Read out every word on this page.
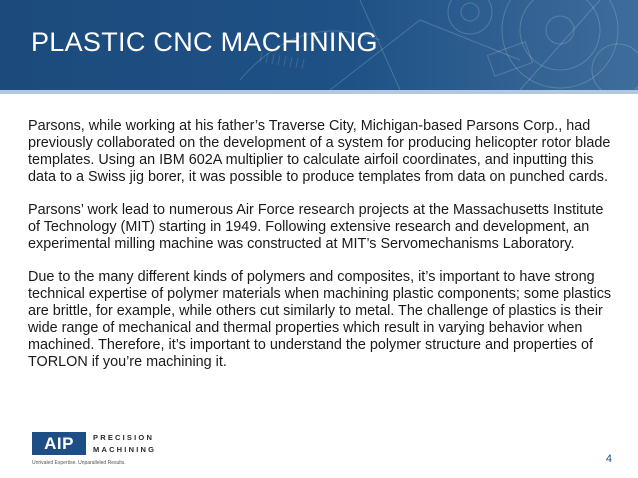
PLASTIC CNC MACHINING

Parsons, while working at his father’s Traverse City, Michigan-based Parsons Corp., had previously collaborated on the development of a system for producing helicopter rotor blade templates. Using an IBM 602A multiplier to calculate airfoil coordinates, and inputting this data to a Swiss jig borer, it was possible to produce templates from data on punched cards.

Parsons’ work lead to numerous Air Force research projects at the Massachusetts Institute of Technology (MIT) starting in 1949. Following extensive research and development, an experimental milling machine was constructed at MIT’s Servomechanisms Laboratory.

Due to the many different kinds of polymers and composites, it’s important to have strong technical expertise of polymer materials when machining plastic components; some plastics are brittle, for example, while others cut similarly to metal. The challenge of plastics is their wide range of mechanical and thermal properties which result in varying behavior when machined. Therefore, it’s important to understand the polymer structure and properties of TORLON if you’re machining it.

AIP	PRECISION
MACHINING
Unrivaled Expertise. Unparalleled Results.	4
